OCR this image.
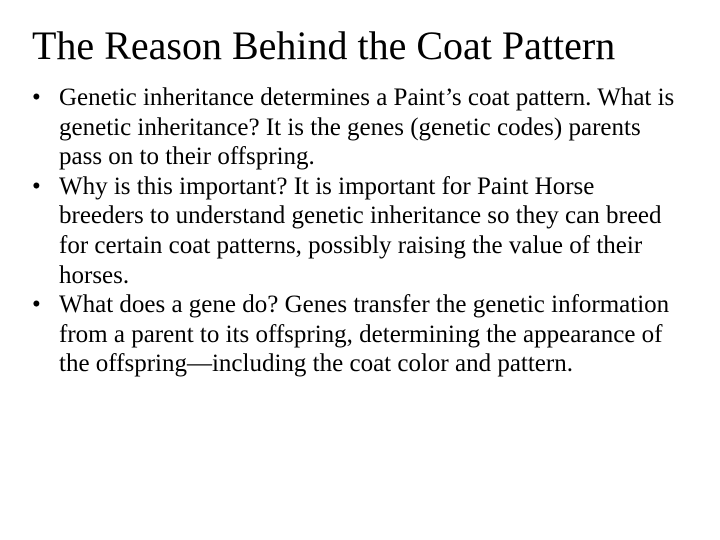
The Reason Behind the Coat Pattern
• Genetic inheritance determines a Paint’s coat pattern. What is genetic inheritance? It is the genes (genetic codes) parents pass on to their offspring.
• Why is this important? It is important for Paint Horse breeders to understand genetic inheritance so they can breed for certain coat patterns, possibly raising the value of their horses.
• What does a gene do? Genes transfer the genetic information from a parent to its offspring, determining the appearance of the offspring—including the coat color and pattern.
